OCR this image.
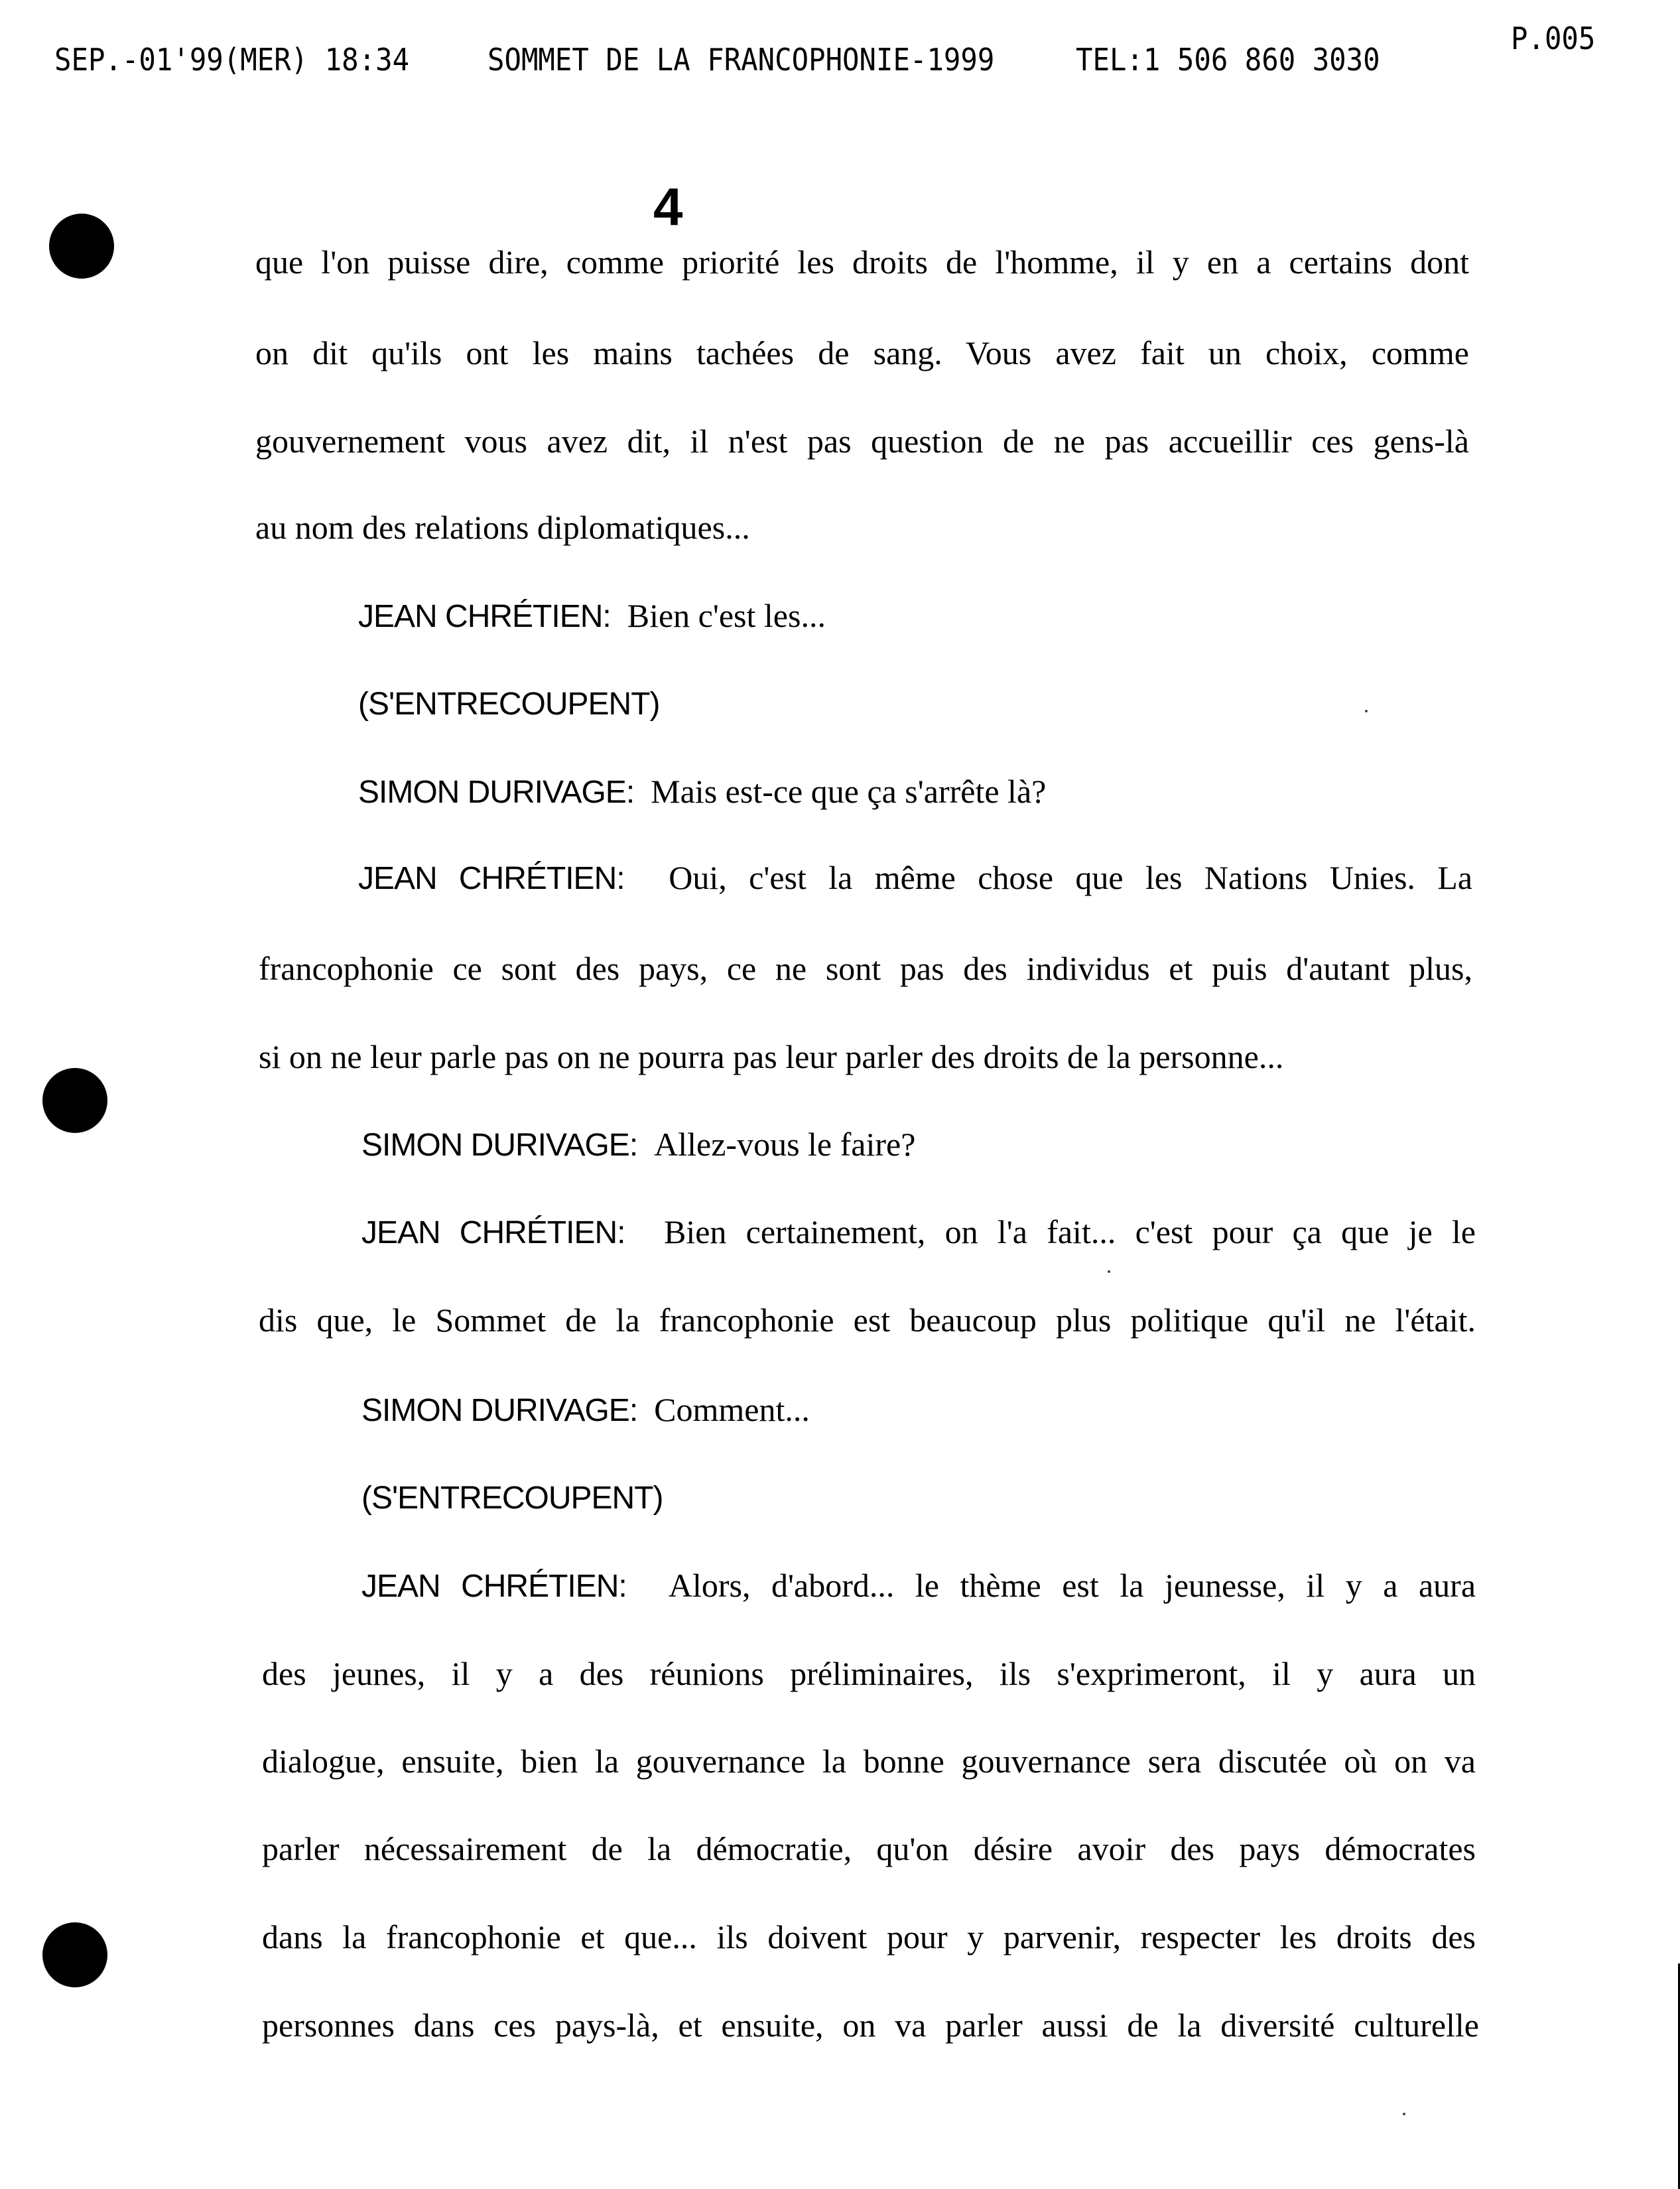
SEP.-01'99(MER) 18:34	SOMMET DE LA FRANCOPHONIE-1999	TEL:1 506 860 3030
P.005
4
que l'on puisse dire, comme priorité les droits de l'homme, il y en a certains dont
on dit qu'ils ont les mains tachées de sang. Vous avez fait un choix, comme
gouvernement vous avez dit, il n'est pas question de ne pas accueillir ces gens-là
au nom des relations diplomatiques...
JEAN CHRÉTIEN: Bien c'est les...
(S'ENTRECOUPENT)
SIMON DURIVAGE: Mais est-ce que ça s'arrête là?
JEAN CHRÉTIEN: Oui, c'est la même chose que les Nations Unies. La
francophonie ce sont des pays, ce ne sont pas des individus et puis d'autant plus,
si on ne leur parle pas on ne pourra pas leur parler des droits de la personne...
SIMON DURIVAGE: Allez-vous le faire?
JEAN CHRÉTIEN: Bien certainement, on l'a fait... c'est pour ça que je le
dis que, le Sommet de la francophonie est beaucoup plus politique qu'il ne l'était.
SIMON DURIVAGE: Comment...
(S'ENTRECOUPENT)
JEAN CHRÉTIEN: Alors, d'abord... le thème est la jeunesse, il y a aura
des jeunes, il y a des réunions préliminaires, ils s'exprimeront, il y aura un
dialogue, ensuite, bien la gouvernance la bonne gouvernance sera discutée où on va
parler nécessairement de la démocratie, qu'on désire avoir des pays démocrates
dans la francophonie et que... ils doivent pour y parvenir, respecter les droits des
personnes dans ces pays-là, et ensuite, on va parler aussi de la diversité culturelle
